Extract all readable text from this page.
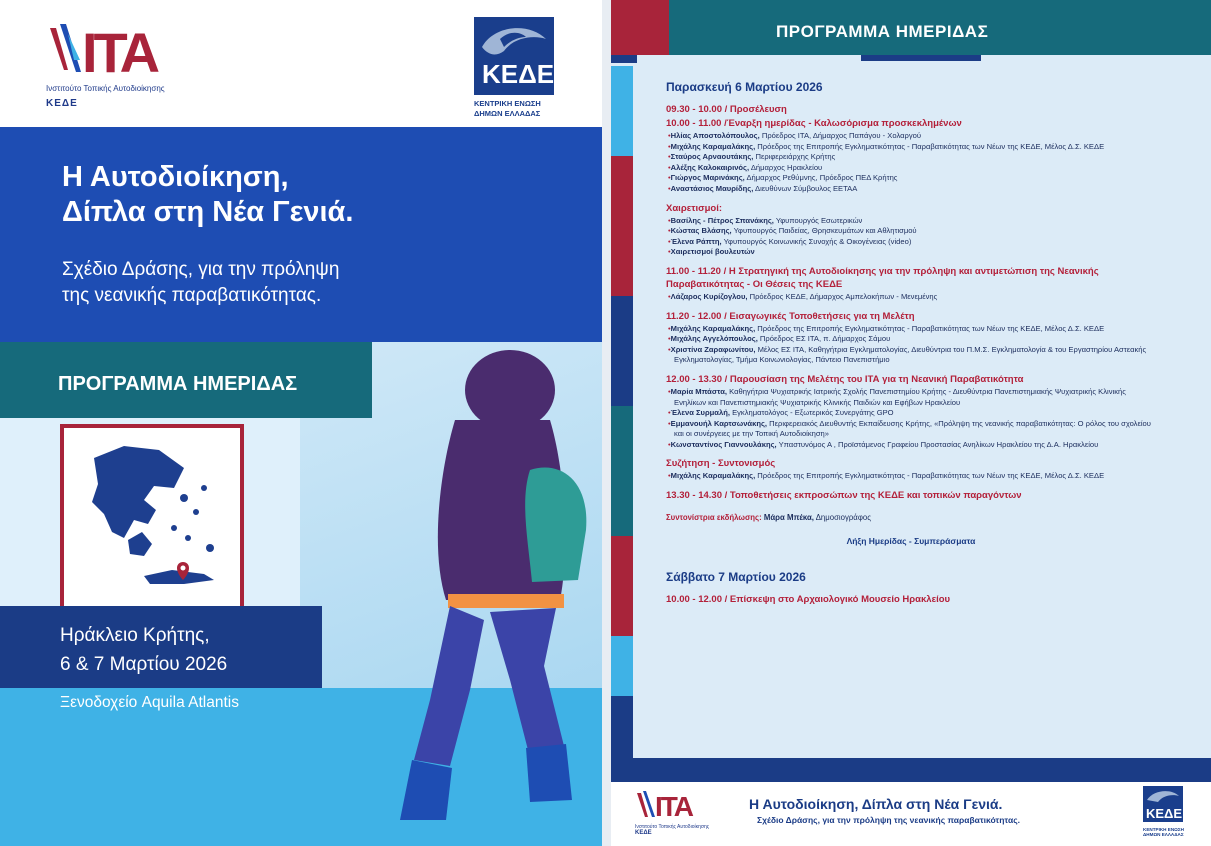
ΙΤΑ
Ινστιτούτο Τοπικής Αυτοδιοίκησης
ΚΕΔΕ
ΚΕΔΕ
ΚΕΝΤΡΙΚΗ ΕΝΩΣΗ
ΔΗΜΩΝ ΕΛΛΑΔΑΣ
Η Αυτοδιοίκηση,
Δίπλα στη Νέα Γενιά.
Σχέδιο Δράσης, για την πρόληψη
της νεανικής παραβατικότητας.
ΠΡΟΓΡΑΜΜΑ ΗΜΕΡΙΔΑΣ
Ηράκλειο Κρήτης,
6 & 7 Μαρτίου 2026
Ξενοδοχείο Aquila Atlantis
ΠΡΟΓΡΑΜΜΑ ΗΜΕΡΙΔΑΣ
Παρασκευή 6 Μαρτίου 2026
09.30 - 10.00 / Προσέλευση
10.00 - 11.00 /Έναρξη ημερίδας - Καλωσόρισμα προσκεκλημένων
• Ηλίας Αποστολόπουλος, Πρόεδρος ΙΤΑ, Δήμαρχος Παπάγου - Χολαργού
• Μιχάλης Καραμαλάκης, Πρόεδρος της Επιτροπής Εγκληματικότητας - Παραβατικότητας των Νέων της ΚΕΔΕ, Μέλος Δ.Σ. ΚΕΔΕ
• Σταύρος Αρναουτάκης, Περιφερειάρχης Κρήτης
• Αλέξης Καλοκαιρινός, Δήμαρχος Ηρακλείου
• Γιώργος Μαρινάκης, Δήμαρχος Ρεθύμνης, Πρόεδρος ΠΕΔ Κρήτης
• Αναστάσιος Μαυρίδης, Διευθύνων Σύμβουλος ΕΕΤΑΑ
Χαιρετισμοί:
• Βασίλης - Πέτρος Σπανάκης, Υφυπουργός Εσωτερικών
• Κώστας Βλάσης, Υφυπουργός Παιδείας, Θρησκευμάτων και Αθλητισμού
• Έλενα Ράπτη, Υφυπουργός Κοινωνικής Συνοχής & Οικογένειας (video)
• Χαιρετισμοί βουλευτών
11.00 - 11.20 / Η Στρατηγική της Αυτοδιοίκησης για την πρόληψη και αντιμετώπιση της Νεανικής Παραβατικότητας - Οι Θέσεις της ΚΕΔΕ
• Λάζαρος Κυρίζογλου, Πρόεδρος ΚΕΔΕ, Δήμαρχος Αμπελοκήπων - Μενεμένης
11.20 - 12.00 / Εισαγωγικές Τοποθετήσεις για τη Μελέτη
• Μιχάλης Καραμαλάκης, Πρόεδρος της Επιτροπής Εγκληματικότητας - Παραβατικότητας των Νέων της ΚΕΔΕ, Μέλος Δ.Σ. ΚΕΔΕ
• Μιχάλης Αγγελόπουλος, Πρόεδρος ΕΣ ΙΤΑ, π. Δήμαρχος Σάμου
• Χριστίνα Ζαραφωνίτου, Μέλος ΕΣ ΙΤΑ, Καθηγήτρια Εγκληματολογίας, Διευθύντρια του Π.Μ.Σ. Εγκληματολογία & του Εργαστηρίου Αστεακής Εγκληματολογίας, Τμήμα Κοινωνιολογίας, Πάντειο Πανεπιστήμιο
12.00 - 13.30 / Παρουσίαση της Μελέτης του ΙΤΑ για τη Νεανική Παραβατικότητα
• Μαρία Μπάστα, Καθηγήτρια Ψυχιατρικής Ιατρικής Σχολής Πανεπιστημίου Κρήτης - Διευθύντρια Πανεπιστημιακής Ψυχιατρικής Κλινικής Ενηλίκων και Πανεπιστημιακής Ψυχιατρικής Κλινικής Παιδιών και Εφήβων Ηρακλείου
• Έλενα Συρμαλή, Εγκληματολόγος - Εξωτερικός Συνεργάτης GPO
• Εμμανουήλ Καρτσωνάκης, Περιφερειακός Διευθυντής Εκπαίδευσης Κρήτης, «Πρόληψη της νεανικής παραβατικότητας: Ο ρόλος του σχολείου και οι συνέργειες με την Τοπική Αυτοδιοίκηση»
• Κωνσταντίνος Γιαννουλάκης, Υπαστυνόμος Α , Προϊστάμενος Γραφείου Προστασίας Ανηλίκων Ηρακλείου της Δ.Α. Ηρακλείου
Συζήτηση - Συντονισμός
• Μιχάλης Καραμαλάκης, Πρόεδρος της Επιτροπής Εγκληματικότητας - Παραβατικότητας των Νέων της ΚΕΔΕ, Μέλος Δ.Σ. ΚΕΔΕ
13.30 - 14.30 / Τοποθετήσεις εκπροσώπων της ΚΕΔΕ και τοπικών παραγόντων
Συντονίστρια εκδήλωσης: Μάρα Μπέκα, Δημοσιογράφος
Λήξη Ημερίδας - Συμπεράσματα
Σάββατο 7 Μαρτίου 2026
10.00 - 12.00 / Επίσκεψη στο Αρχαιολογικό Μουσείο Ηρακλείου
ΙΤΑ
Ινστιτούτο Τοπικής Αυτοδιοίκησης
ΚΕΔΕ
Η Αυτοδιοίκηση, Δίπλα στη Νέα Γενιά.
Σχέδιο Δράσης, για την πρόληψη της νεανικής παραβατικότητας.	ΚΕΔΕ
ΚΕΝΤΡΙΚΗ ΕΝΩΣΗ
ΔΗΜΩΝ ΕΛΛΑΔΑΣ
